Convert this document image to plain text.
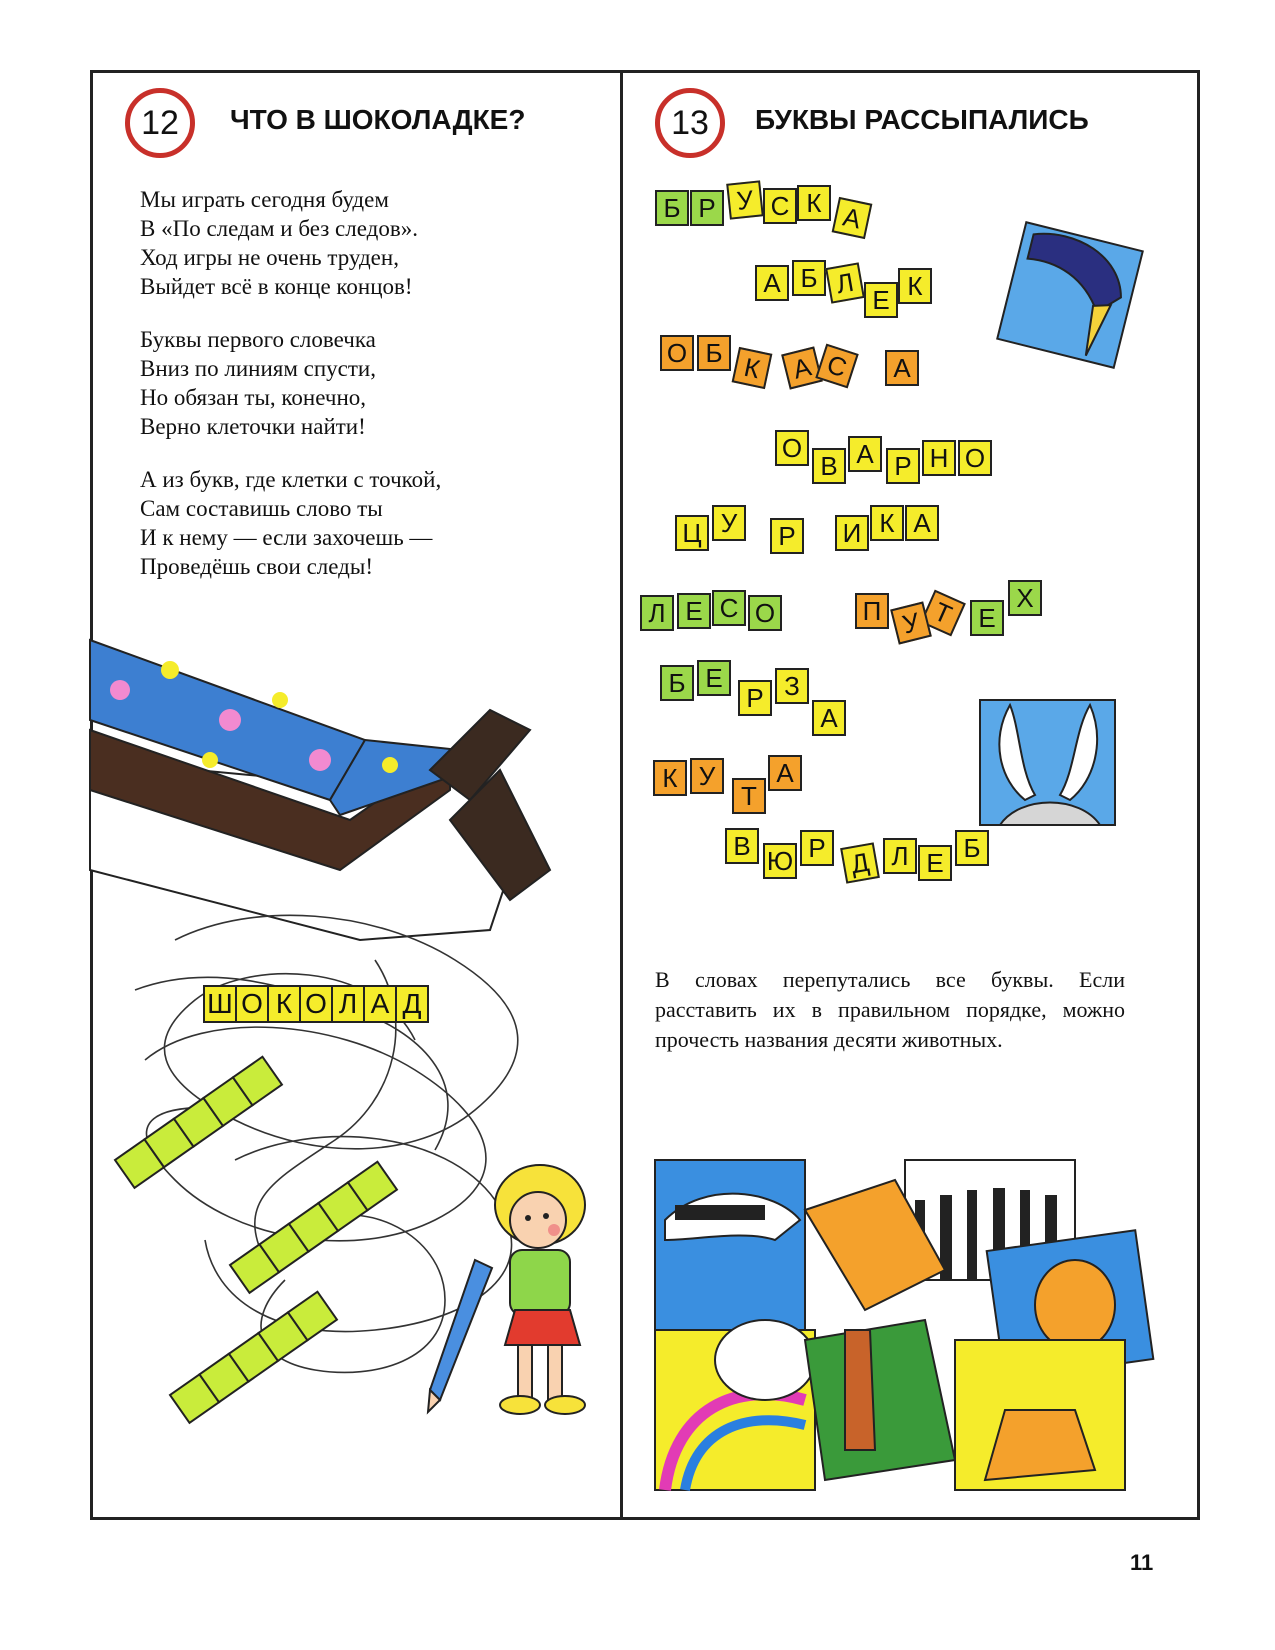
12	ЧТО В ШОКОЛАДКЕ?
Мы играть сегодня будем
В «По следам и без следов».
Ход игры не очень труден,
Выйдет всё в конце концов!
Буквы первого словечка
Вниз по линиям спусти,
Но обязан ты, конечно,
Верно клеточки найти!
А из букв, где клетки с точкой,
Сам составишь слово ты
И к нему — если захочешь —
Проведёшь свои следы!
Ш О К О Л А Д
13	БУКВЫ РАССЫПАЛИСЬ
Б Р У С К А
А Б Л
Е К
О Б К	А С	А
О
В А Р Н О
Ц У	Р	И К А
Л Е С О	П	Т
У	Е
Х
Б Е
Р З
А
К У
Т
А
В Ю Р Д Л Е Б
В словах перепутались все буквы. Если расставить их в правильном порядке, можно прочесть названия десяти животных.
11
